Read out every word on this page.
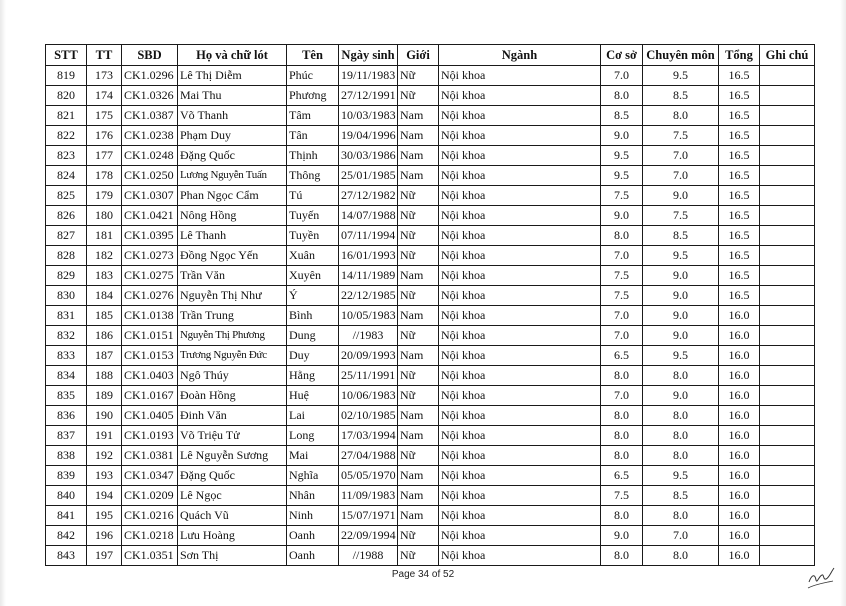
STT	TT	SBD	Họ và chữ lót	Tên	Ngày sinh	Giới	Ngành	Cơ sở	Chuyên môn	Tổng	Ghi chú
819	173	CK1.0296	Lê Thị Diễm	Phúc	19/11/1983	Nữ	Nội khoa	7.0	9.5	16.5	
820	174	CK1.0326	Mai Thu	Phương	27/12/1991	Nữ	Nội khoa	8.0	8.5	16.5	
821	175	CK1.0387	Võ Thanh	Tâm	10/03/1983	Nam	Nội khoa	8.5	8.0	16.5	
822	176	CK1.0238	Phạm Duy	Tân	19/04/1996	Nam	Nội khoa	9.0	7.5	16.5	
823	177	CK1.0248	Đặng Quốc	Thịnh	30/03/1986	Nam	Nội khoa	9.5	7.0	16.5	
824	178	CK1.0250	Lương Nguyễn Tuấn	Thông	25/01/1985	Nam	Nội khoa	9.5	7.0	16.5	
825	179	CK1.0307	Phan Ngọc Cẩm	Tú	27/12/1982	Nữ	Nội khoa	7.5	9.0	16.5	
826	180	CK1.0421	Nông Hồng	Tuyến	14/07/1988	Nữ	Nội khoa	9.0	7.5	16.5	
827	181	CK1.0395	Lê Thanh	Tuyền	07/11/1994	Nữ	Nội khoa	8.0	8.5	16.5	
828	182	CK1.0273	Đồng Ngọc Yến	Xuân	16/01/1993	Nữ	Nội khoa	7.0	9.5	16.5	
829	183	CK1.0275	Trần Văn	Xuyên	14/11/1989	Nam	Nội khoa	7.5	9.0	16.5	
830	184	CK1.0276	Nguyễn Thị Như	Ý	22/12/1985	Nữ	Nội khoa	7.5	9.0	16.5	
831	185	CK1.0138	Trần Trung	Bình	10/05/1983	Nam	Nội khoa	7.0	9.0	16.0	
832	186	CK1.0151	Nguyễn Thị Phương	Dung	//1983	Nữ	Nội khoa	7.0	9.0	16.0	
833	187	CK1.0153	Trương Nguyễn Đức	Duy	20/09/1993	Nam	Nội khoa	6.5	9.5	16.0	
834	188	CK1.0403	Ngô Thúy	Hằng	25/11/1991	Nữ	Nội khoa	8.0	8.0	16.0	
835	189	CK1.0167	Đoàn Hồng	Huệ	10/06/1983	Nữ	Nội khoa	7.0	9.0	16.0	
836	190	CK1.0405	Đinh Văn	Lai	02/10/1985	Nam	Nội khoa	8.0	8.0	16.0	
837	191	CK1.0193	Võ Triệu Tử	Long	17/03/1994	Nam	Nội khoa	8.0	8.0	16.0	
838	192	CK1.0381	Lê Nguyễn Sương	Mai	27/04/1988	Nữ	Nội khoa	8.0	8.0	16.0	
839	193	CK1.0347	Đặng Quốc	Nghĩa	05/05/1970	Nam	Nội khoa	6.5	9.5	16.0	
840	194	CK1.0209	Lê Ngọc	Nhân	11/09/1983	Nam	Nội khoa	7.5	8.5	16.0	
841	195	CK1.0216	Quách Vũ	Ninh	15/07/1971	Nam	Nội khoa	8.0	8.0	16.0	
842	196	CK1.0218	Lưu Hoàng	Oanh	22/09/1994	Nữ	Nội khoa	9.0	7.0	16.0	
843	197	CK1.0351	Sơn Thị	Oanh	//1988	Nữ	Nội khoa	8.0	8.0	16.0	
Page 34 of 52
